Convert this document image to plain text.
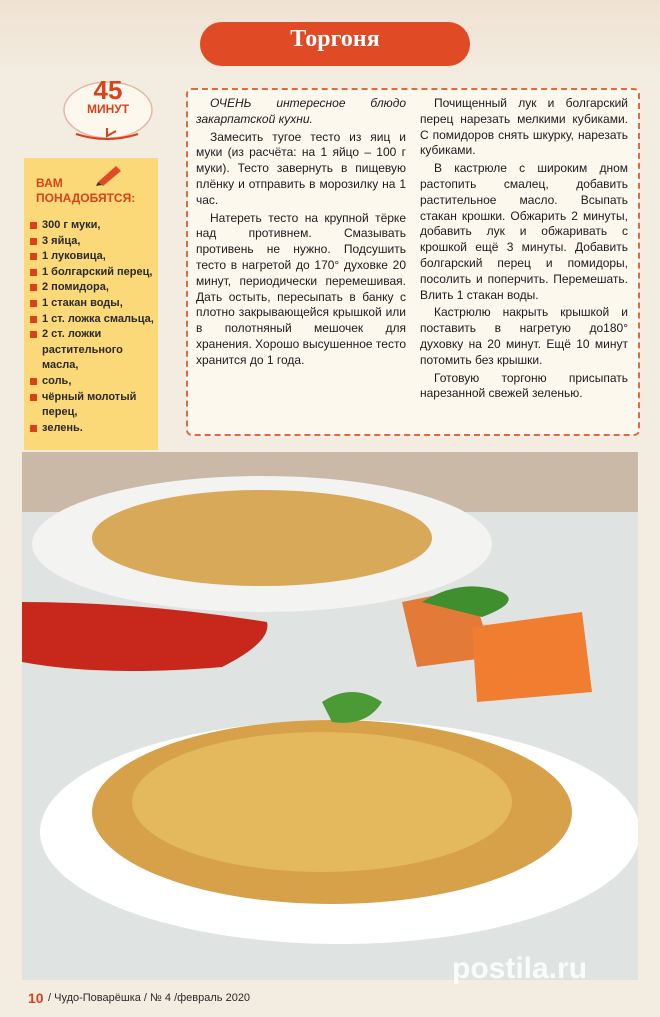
Торгоня
45
МИНУТ
ВАМ
ПОНАДОБЯТСЯ:
300 г муки,
3 яйца,
1 луковица,
1 болгарский перец,
2 помидора,
1 стакан воды,
1 ст. ложка смальца,
2 ст. ложки растительного масла,
соль,
чёрный молотый перец,
зелень.

ОЧЕНЬ интересное блюдо закарпатской кухни.

Замесить тугое тесто из яиц и муки (из расчёта: на 1 яйцо – 100 г муки). Тесто завернуть в пищевую плёнку и отправить в морозилку на 1 час.

Натереть тесто на крупной тёрке над противнем. Смазывать противень не нужно. Подсушить тесто в нагретой до 170° духовке 20 минут, периодически перемешивая. Дать остыть, пересыпать в банку с плотно закрывающейся крышкой или в полотняный мешочек для хранения. Хорошо высушенное тесто хранится до 1 года.

Почищенный лук и болгарский перец нарезать мелкими кубиками. С помидоров снять шкурку, нарезать кубиками.

В кастрюле с широким дном растопить смалец, добавить растительное масло. Всыпать стакан крошки. Обжарить 2 минуты, добавить лук и обжаривать с крошкой ещё 3 минуты. Добавить болгарский перец и помидоры, посолить и поперчить. Перемешать. Влить 1 стакан воды.

Кастрюлю накрыть крышкой и поставить в нагретую до180° духовку на 20 минут. Ещё 10 минут потомить без крышки.

Готовую торгоню присыпать нарезанной свежей зеленью.

postila.ru
10 / Чудо-Поварёшка / № 4 /февраль 2020
